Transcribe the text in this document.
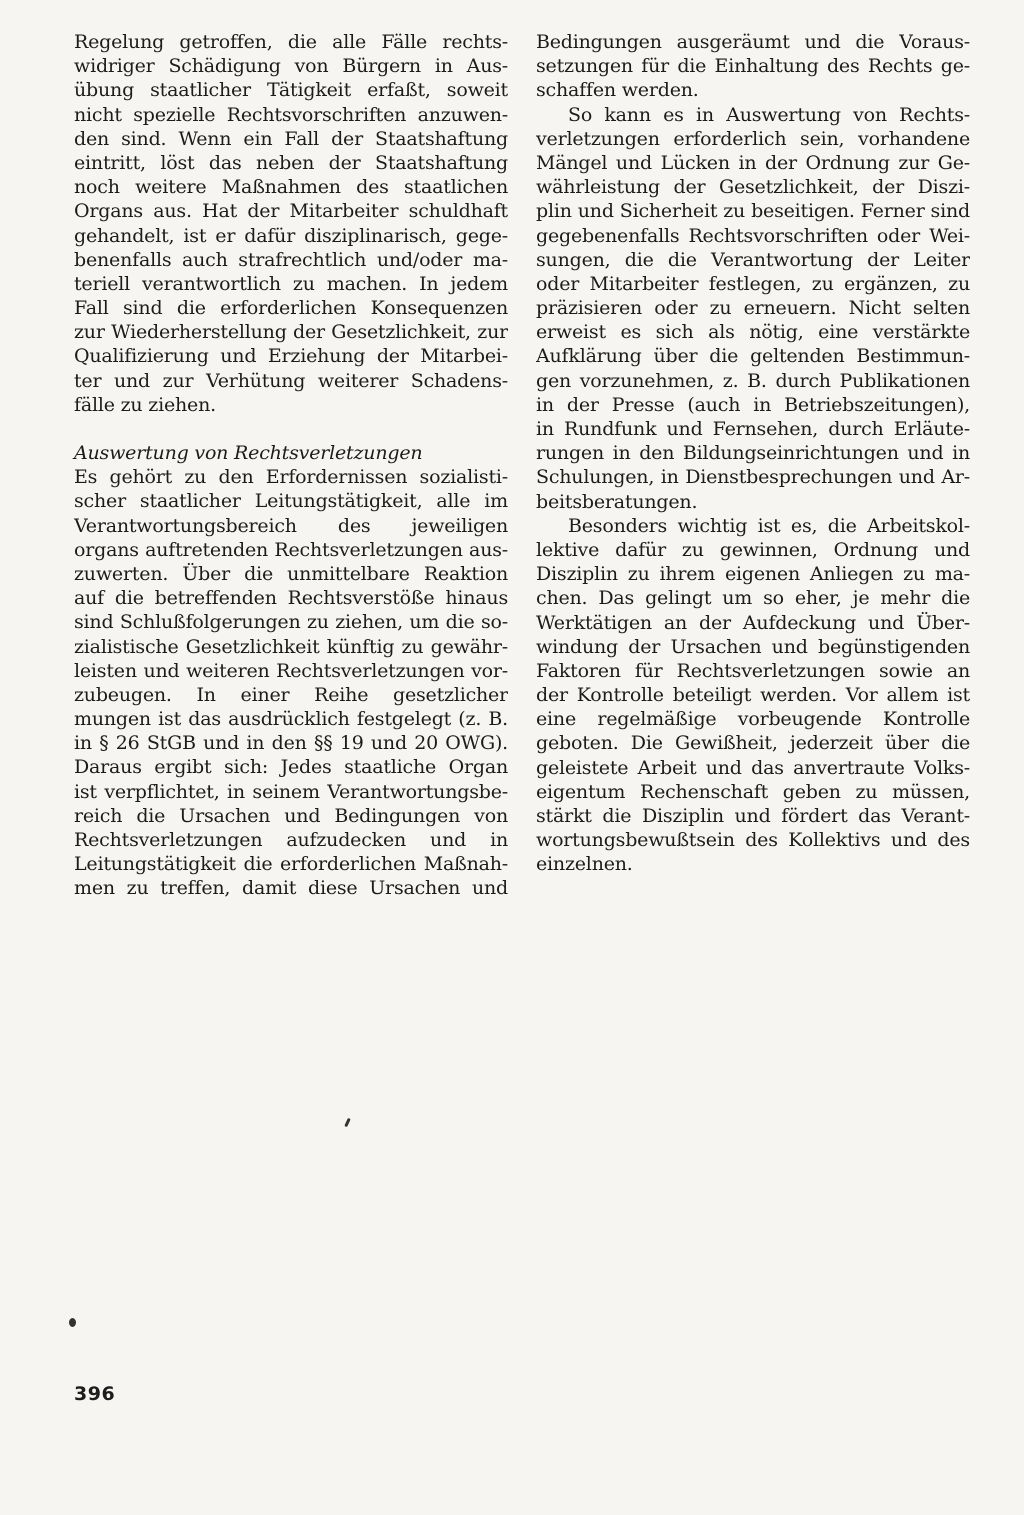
Regelung getroffen, die alle Fälle rechts-
widriger Schädigung von Bürgern in Aus-
übung staatlicher Tätigkeit erfaßt, soweit
nicht spezielle Rechtsvorschriften anzuwen-
den sind. Wenn ein Fall der Staatshaftung
eintritt, löst das neben der Staatshaftung
noch weitere Maßnahmen des staatlichen
Organs aus. Hat der Mitarbeiter schuldhaft
gehandelt, ist er dafür disziplinarisch, gege-
benenfalls auch strafrechtlich und/oder ma-
teriell verantwortlich zu machen. In jedem
Fall sind die erforderlichen Konsequenzen
zur Wiederherstellung der Gesetzlichkeit, zur
Qualifizierung und Erziehung der Mitarbei-
ter und zur Verhütung weiterer Schadens-
fälle zu ziehen.
Auswertung von Rechtsverletzungen
Es gehört zu den Erfordernissen sozialisti-
scher staatlicher Leitungstätigkeit, alle im
Verantwortungsbereich des jeweiligen
organs auftretenden Rechtsverletzungen aus-
zuwerten. Über die unmittelbare Reaktion
auf die betreffenden Rechtsverstöße hinaus
sind Schlußfolgerungen zu ziehen, um die so-
zialistische Gesetzlichkeit künftig zu gewähr-
leisten und weiteren Rechtsverletzungen vor-
zubeugen. In einer Reihe gesetzlicher
mungen ist das ausdrücklich festgelegt (z. B.
in § 26 StGB und in den §§ 19 und 20 OWG).
Daraus ergibt sich: Jedes staatliche Organ
ist verpflichtet, in seinem Verantwortungsbe-
reich die Ursachen und Bedingungen von
Rechtsverletzungen aufzudecken und in
Leitungstätigkeit die erforderlichen Maßnah-
men zu treffen, damit diese Ursachen und
Bedingungen ausgeräumt und die Voraus-
setzungen für die Einhaltung des Rechts ge-
schaffen werden.
So kann es in Auswertung von Rechts-
verletzungen erforderlich sein, vorhandene
Mängel und Lücken in der Ordnung zur Ge-
währleistung der Gesetzlichkeit, der Diszi-
plin und Sicherheit zu beseitigen. Ferner sind
gegebenenfalls Rechtsvorschriften oder Wei-
sungen, die die Verantwortung der Leiter
oder Mitarbeiter festlegen, zu ergänzen, zu
präzisieren oder zu erneuern. Nicht selten
erweist es sich als nötig, eine verstärkte
Aufklärung über die geltenden Bestimmun-
gen vorzunehmen, z. B. durch Publikationen
in der Presse (auch in Betriebszeitungen),
in Rundfunk und Fernsehen, durch Erläute-
rungen in den Bildungseinrichtungen und in
Schulungen, in Dienstbesprechungen und Ar-
beitsberatungen.
Besonders wichtig ist es, die Arbeitskol-
lektive dafür zu gewinnen, Ordnung und
Disziplin zu ihrem eigenen Anliegen zu ma-
chen. Das gelingt um so eher, je mehr die
Werktätigen an der Aufdeckung und Über-
windung der Ursachen und begünstigenden
Faktoren für Rechtsverletzungen sowie an
der Kontrolle beteiligt werden. Vor allem ist
eine regelmäßige vorbeugende Kontrolle
geboten. Die Gewißheit, jederzeit über die
geleistete Arbeit und das anvertraute Volks-
eigentum Rechenschaft geben zu müssen,
stärkt die Disziplin und fördert das Verant-
wortungsbewußtsein des Kollektivs und des
einzelnen.
396
